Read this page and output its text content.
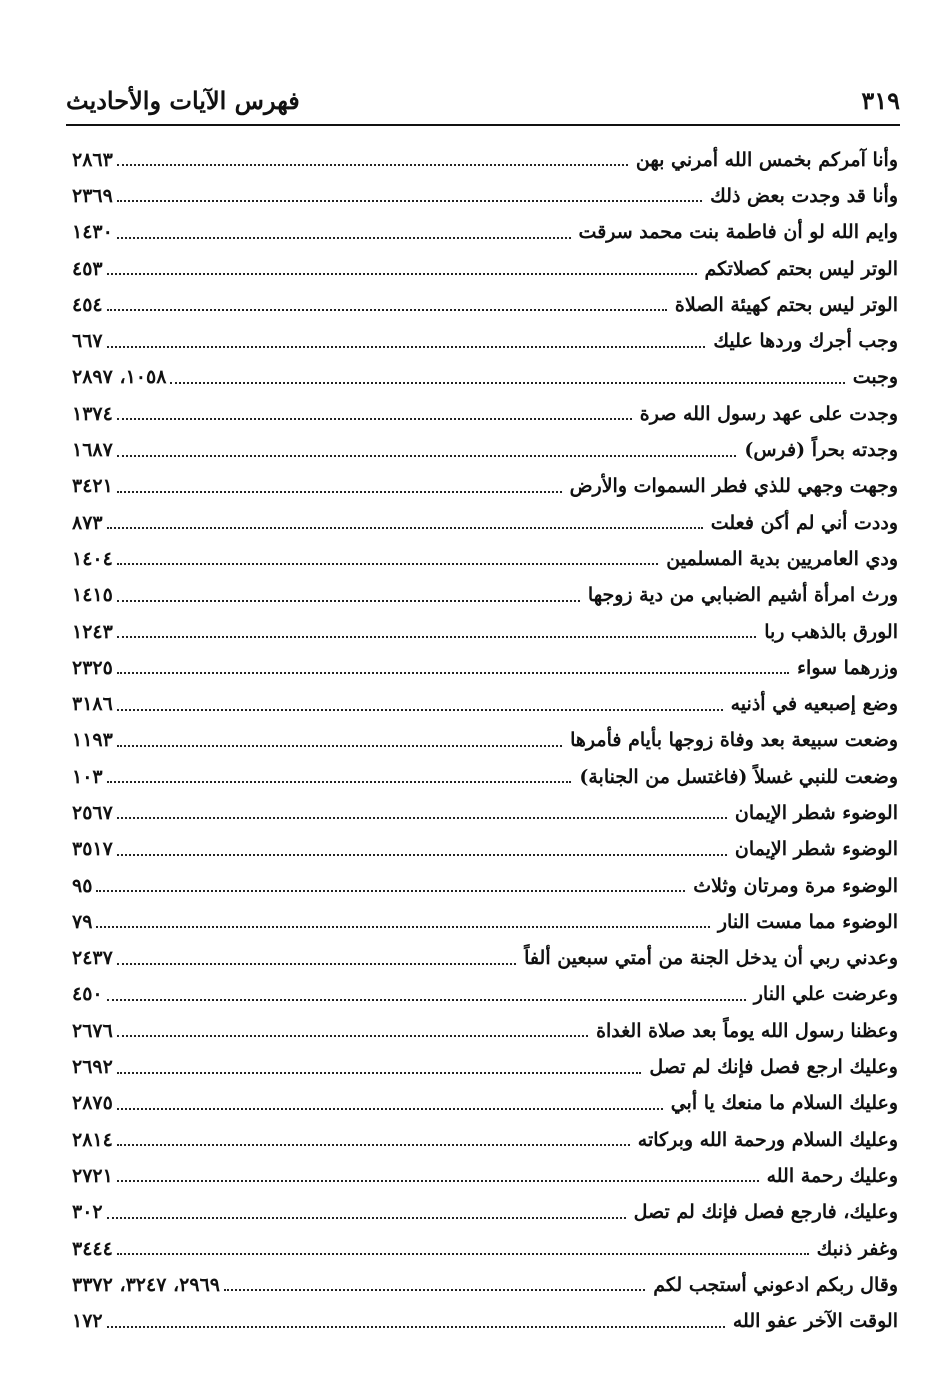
فهرس الآيات والأحاديث	٣١٩
وأنا آمركم بخمس الله أمرني بهن
٢٨٦٣
وأنا قد وجدت بعض ذلك
٢٣٦٩
وايم الله لو أن فاطمة بنت محمد سرقت
١٤٣٠
الوتر ليس بحتم كصلاتكم
٤٥٣
الوتر ليس بحتم كهيئة الصلاة
٤٥٤
وجب أجرك وردها عليك
٦٦٧
وجبت
١٠٥٨، ٢٨٩٧
وجدت على عهد رسول الله صرة
١٣٧٤
وجدته بحراً (فرس)
١٦٨٧
وجهت وجهي للذي فطر السموات والأرض
٣٤٢١
وددت أني لم أكن فعلت
٨٧٣
ودي العامريين بدية المسلمين
١٤٠٤
ورث امرأة أشيم الضبابي من دية زوجها
١٤١٥
الورق بالذهب ربا
١٢٤٣
وزرهما سواء
٢٣٢٥
وضع إصبعيه في أذنيه
٣١٨٦
وضعت سبيعة بعد وفاة زوجها بأيام فأمرها
١١٩٣
وضعت للنبي غسلاً (فاغتسل من الجنابة)
١٠٣
الوضوء شطر الإيمان
٢٥٦٧
الوضوء شطر الإيمان
٣٥١٧
الوضوء مرة ومرتان وثلاث
٩٥
الوضوء مما مست النار
٧٩
وعدني ربي أن يدخل الجنة من أمتي سبعين ألفاً
٢٤٣٧
وعرضت علي النار
٤٥٠
وعظنا رسول الله يوماً بعد صلاة الغداة
٢٦٧٦
وعليك ارجع فصل فإنك لم تصل
٢٦٩٢
وعليك السلام ما منعك يا أبي
٢٨٧٥
وعليك السلام ورحمة الله وبركاته
٢٨١٤
وعليك رحمة الله
٢٧٢١
وعليك، فارجع فصل فإنك لم تصل
٣٠٢
وغفر ذنبك
٣٤٤٤
وقال ربكم ادعوني أستجب لكم
٢٩٦٩، ٣٢٤٧، ٣٣٧٢
الوقت الآخر عفو الله
١٧٢
